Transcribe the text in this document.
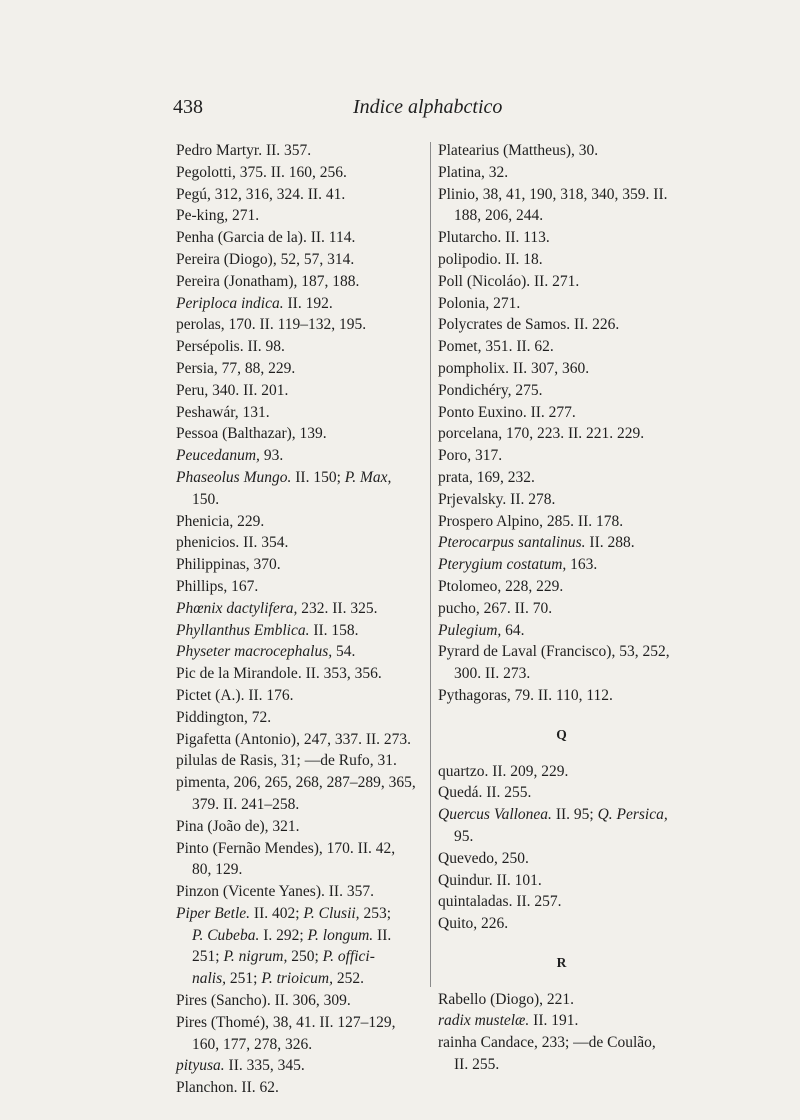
438	Indice alphabctico

Pedro Martyr. II. 357.

Pegolotti, 375. II. 160, 256.

Pegú, 312, 316, 324. II. 41.

Pe-king, 271.

Penha (Garcia de la). II. 114.

Pereira (Diogo), 52, 57, 314.

Pereira (Jonatham), 187, 188.

Periploca indica. II. 192.

perolas, 170. II. 119–132, 195.

Persépolis. II. 98.

Persia, 77, 88, 229.

Peru, 340. II. 201.

Peshawár, 131.

Pessoa (Balthazar), 139.

Peucedanum, 93.

Phaseolus Mungo. II. 150; P. Max,
150.

Phenicia, 229.

phenicios. II. 354.

Philippinas, 370.

Phillips, 167.

Phœnix dactylifera, 232. II. 325.

Phyllanthus Emblica. II. 158.

Physeter macrocephalus, 54.

Pic de la Mirandole. II. 353, 356.

Pictet (A.). II. 176.

Piddington, 72.

Pigafetta (Antonio), 247, 337. II. 273.

pilulas de Rasis, 31; —de Rufo, 31.

pimenta, 206, 265, 268, 287–289, 365,
379. II. 241–258.

Pina (João de), 321.

Pinto (Fernão Mendes), 170. II. 42,
80, 129.

Pinzon (Vicente Yanes). II. 357.

Piper Betle. II. 402; P. Clusii, 253;
P. Cubeba. I. 292; P. longum. II.
251; P. nigrum, 250; P. offici-
nalis, 251; P. trioicum, 252.

Pires (Sancho). II. 306, 309.

Pires (Thomé), 38, 41. II. 127–129,
160, 177, 278, 326.

pityusa. II. 335, 345.

Planchon. II. 62.

Platearius (Mattheus), 30.

Platina, 32.

Plinio, 38, 41, 190, 318, 340, 359. II.
188, 206, 244.

Plutarcho. II. 113.

polipodio. II. 18.

Poll (Nicoláo). II. 271.

Polonia, 271.

Polycrates de Samos. II. 226.

Pomet, 351. II. 62.

pompholix. II. 307, 360.

Pondichéry, 275.

Ponto Euxino. II. 277.

porcelana, 170, 223. II. 221. 229.

Poro, 317.

prata, 169, 232.

Prjevalsky. II. 278.

Prospero Alpino, 285. II. 178.

Pterocarpus santalinus. II. 288.

Pterygium costatum, 163.

Ptolomeo, 228, 229.

pucho, 267. II. 70.

Pulegium, 64.

Pyrard de Laval (Francisco), 53, 252,
300. II. 273.

Pythagoras, 79. II. 110, 112.

Q

quartzo. II. 209, 229.

Quedá. II. 255.

Quercus Vallonea. II. 95; Q. Persica,
95.

Quevedo, 250.

Quindur. II. 101.

quintaladas. II. 257.

Quito, 226.

R

Rabello (Diogo), 221.

radix mustelæ. II. 191.

rainha Candace, 233; —de Coulão,
II. 255.
